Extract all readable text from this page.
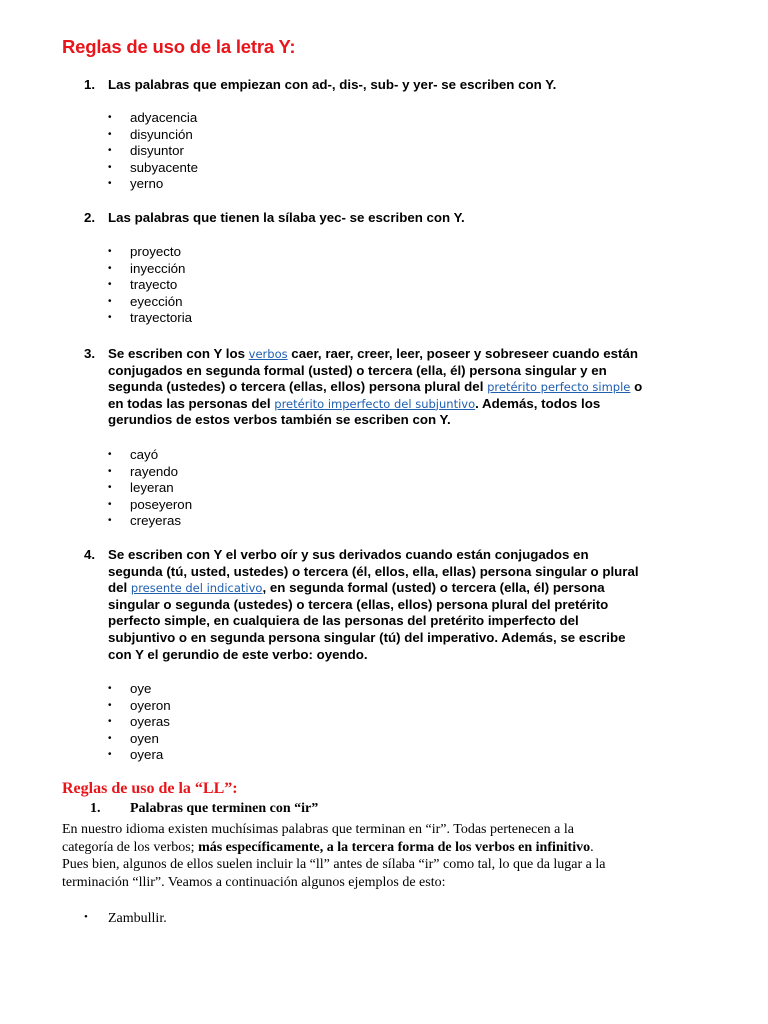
Reglas de uso de la letra Y:
1. Las palabras que empiezan con ad-, dis-, sub- y yer- se escriben con Y.
• adyacencia
• disyunción
• disyuntor
• subyacente
• yerno
2. Las palabras que tienen la sílaba yec- se escriben con Y.
• proyecto
• inyección
• trayecto
• eyección
• trayectoria
3. Se escriben con Y los verbos caer, raer, creer, leer, poseer y sobreseer cuando están
conjugados en segunda formal (usted) o tercera (ella, él) persona singular y en
segunda (ustedes) o tercera (ellas, ellos) persona plural del pretérito perfecto simple o
en todas las personas del pretérito imperfecto del subjuntivo. Además, todos los
gerundios de estos verbos también se escriben con Y.
• cayó
• rayendo
• leyeran
• poseyeron
• creyeras
4. Se escriben con Y el verbo oír y sus derivados cuando están conjugados en
segunda (tú, usted, ustedes) o tercera (él, ellos, ella, ellas) persona singular o plural
del presente del indicativo, en segunda formal (usted) o tercera (ella, él) persona
singular o segunda (ustedes) o tercera (ellas, ellos) persona plural del pretérito
perfecto simple, en cualquiera de las personas del pretérito imperfecto del
subjuntivo o en segunda persona singular (tú) del imperativo. Además, se escribe
con Y el gerundio de este verbo: oyendo.
• oye
• oyeron
• oyeras
• oyen
• oyera
Reglas de uso de la “LL”:
1. Palabras que terminen con “ir”
En nuestro idioma existen muchísimas palabras que terminan en “ir”. Todas pertenecen a la
categoría de los verbos; más específicamente, a la tercera forma de los verbos en infinitivo.
Pues bien, algunos de ellos suelen incluir la “ll” antes de sílaba “ir” como tal, lo que da lugar a la
terminación “llir”. Veamos a continuación algunos ejemplos de esto:
• Zambullir.
